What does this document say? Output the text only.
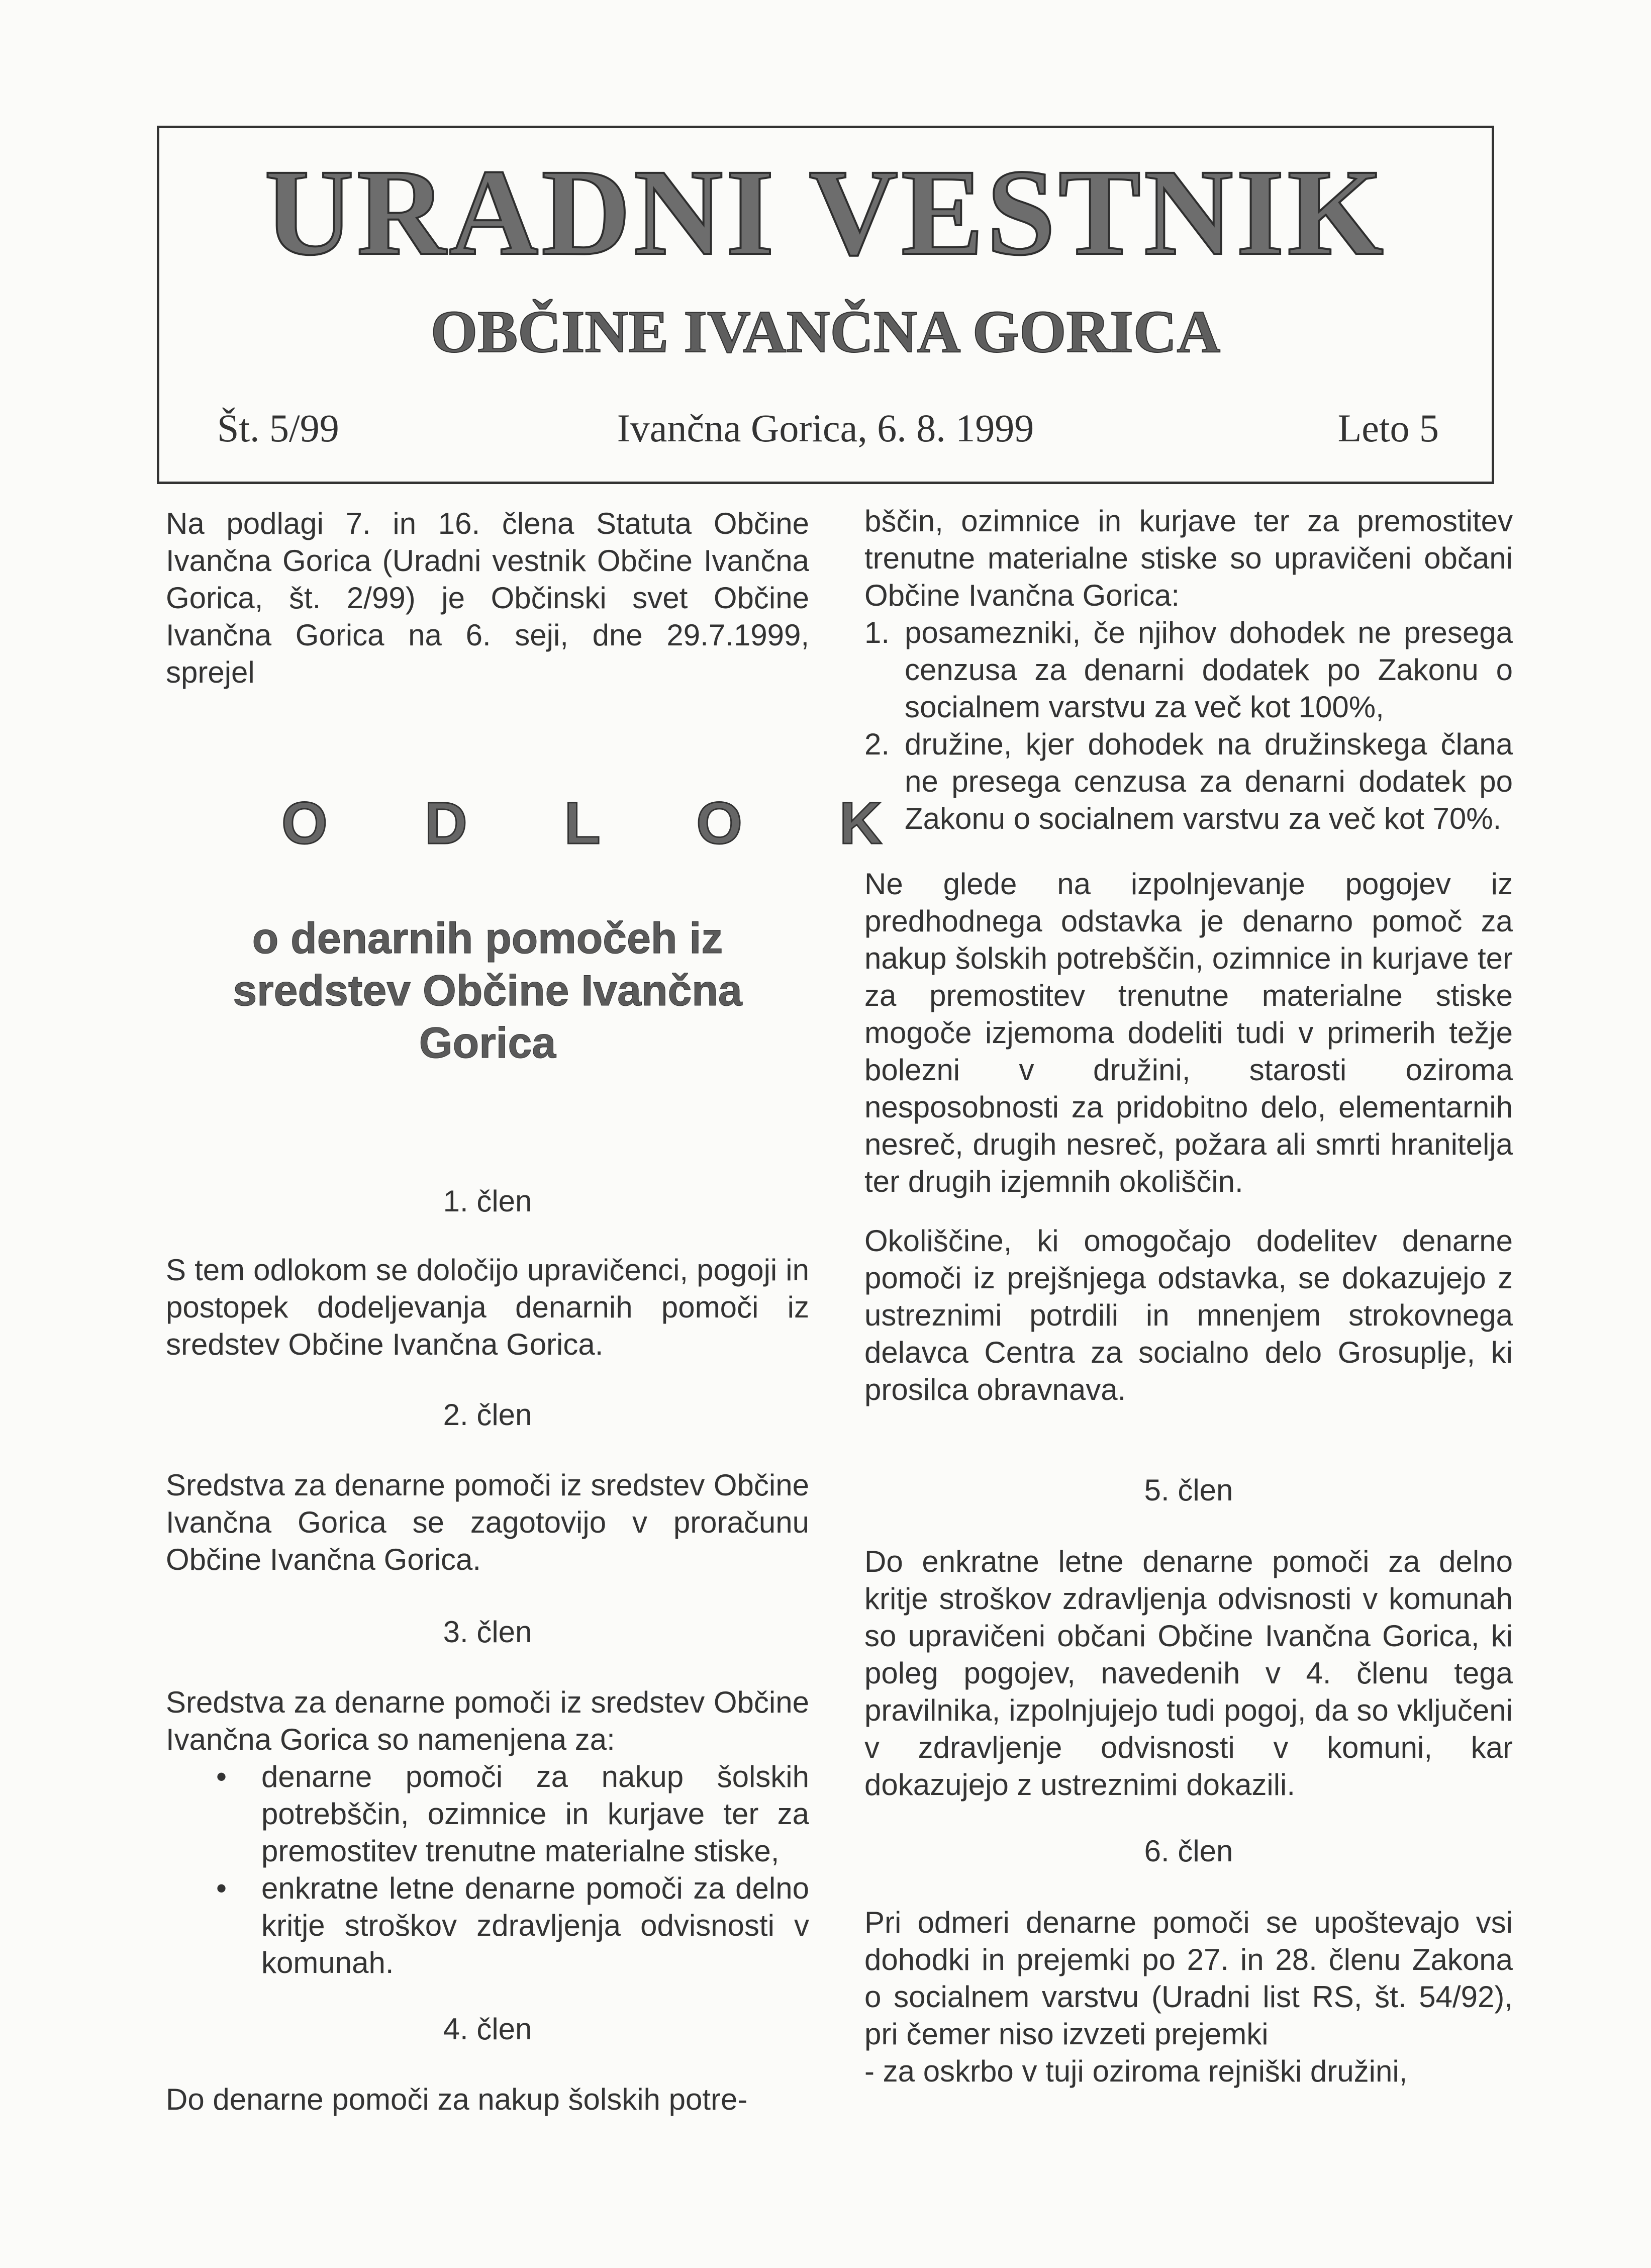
URADNI VESTNIK
OBČINE IVANČNA GORICA
Št. 5/99	Ivančna Gorica, 6. 8. 1999	Leto 5

Na podlagi 7. in 16. člena Statuta Občine Ivančna Gorica (Uradni vestnik Občine Ivančna Gorica, št. 2/99) je Občinski svet Občine Ivančna Gorica na 6. seji, dne 29.7.1999, sprejel

O D L O K
o denarnih pomočeh iz sredstev Občine Ivančna Gorica
1. člen

S tem odlokom se določijo upravičenci, pogoji in postopek dodeljevanja denarnih pomoči iz sredstev Občine Ivančna Gorica.

2. člen

Sredstva za denarne pomoči iz sredstev Občine Ivančna Gorica se zagotovijo v proračunu Občine Ivančna Gorica.

3. člen

Sredstva za denarne pomoči iz sredstev Občine Ivančna Gorica so namenjena za:

• denarne pomoči za nakup šolskih potrebščin, ozimnice in kurjave ter za premostitev trenutne materialne stiske,
• enkratne letne denarne pomoči za delno kritje stroškov zdravljenja odvisnosti v komunah.
4. člen

Do denarne pomoči za nakup šolskih potre-

bščin, ozimnice in kurjave ter za premostitev trenutne materialne stiske so upravičeni občani Občine Ivančna Gorica:

1. posamezniki, če njihov dohodek ne presega cenzusa za denarni dodatek po Zakonu o socialnem varstvu za več kot 100%,
2. družine, kjer dohodek na družinskega člana ne presega cenzusa za denarni dodatek po Zakonu o socialnem varstvu za več kot 70%.

Ne glede na izpolnjevanje pogojev iz predhodnega odstavka je denarno pomoč za nakup šolskih potrebščin, ozimnice in kurjave ter za premostitev trenutne materialne stiske mogoče izjemoma dodeliti tudi v primerih težje bolezni v družini, starosti oziroma nesposobnosti za pridobitno delo, elementarnih nesreč, drugih nesreč, požara ali smrti hranitelja ter drugih izjemnih okoliščin.

Okoliščine, ki omogočajo dodelitev denarne pomoči iz prejšnjega odstavka, se dokazujejo z ustreznimi potrdili in mnenjem strokovnega delavca Centra za socialno delo Grosuplje, ki prosilca obravnava.

5. člen

Do enkratne letne denarne pomoči za delno kritje stroškov zdravljenja odvisnosti v komunah so upravičeni občani Občine Ivančna Gorica, ki poleg pogojev, navedenih v 4. členu tega pravilnika, izpolnjujejo tudi pogoj, da so vključeni v zdravljenje odvisnosti v komuni, kar dokazujejo z ustreznimi dokazili.

6. člen

Pri odmeri denarne pomoči se upoštevajo vsi dohodki in prejemki po 27. in 28. členu Zakona o socialnem varstvu (Uradni list RS, št. 54/92), pri čemer niso izvzeti prejemki

- za oskrbo v tuji oziroma rejniški družini,
